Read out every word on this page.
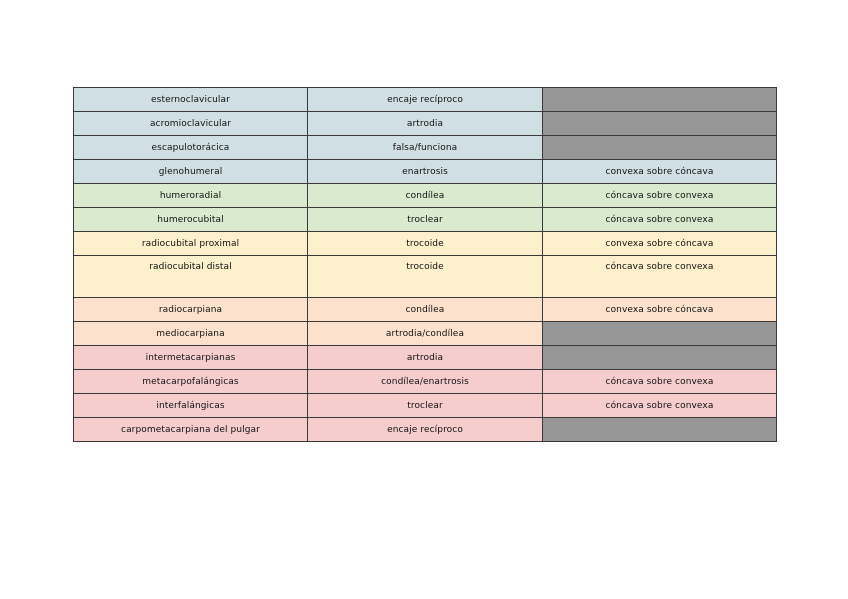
esternoclavicular	encaje recíproco	
acromioclavicular	artrodia	
escapulotorácica	falsa/funciona	
glenohumeral	enartrosis	convexa sobre cóncava
humeroradial	condílea	cóncava sobre convexa
humerocubital	troclear	cóncava sobre convexa
radiocubital proximal	trocoide	convexa sobre cóncava
radiocubital distal	trocoide	cóncava sobre convexa
radiocarpiana	condílea	convexa sobre cóncava
mediocarpiana	artrodia/condílea	
intermetacarpianas	artrodia	
metacarpofalángicas	condílea/enartrosis	cóncava sobre convexa
interfalángicas	troclear	cóncava sobre convexa
carpometacarpiana del pulgar	encaje recíproco	
